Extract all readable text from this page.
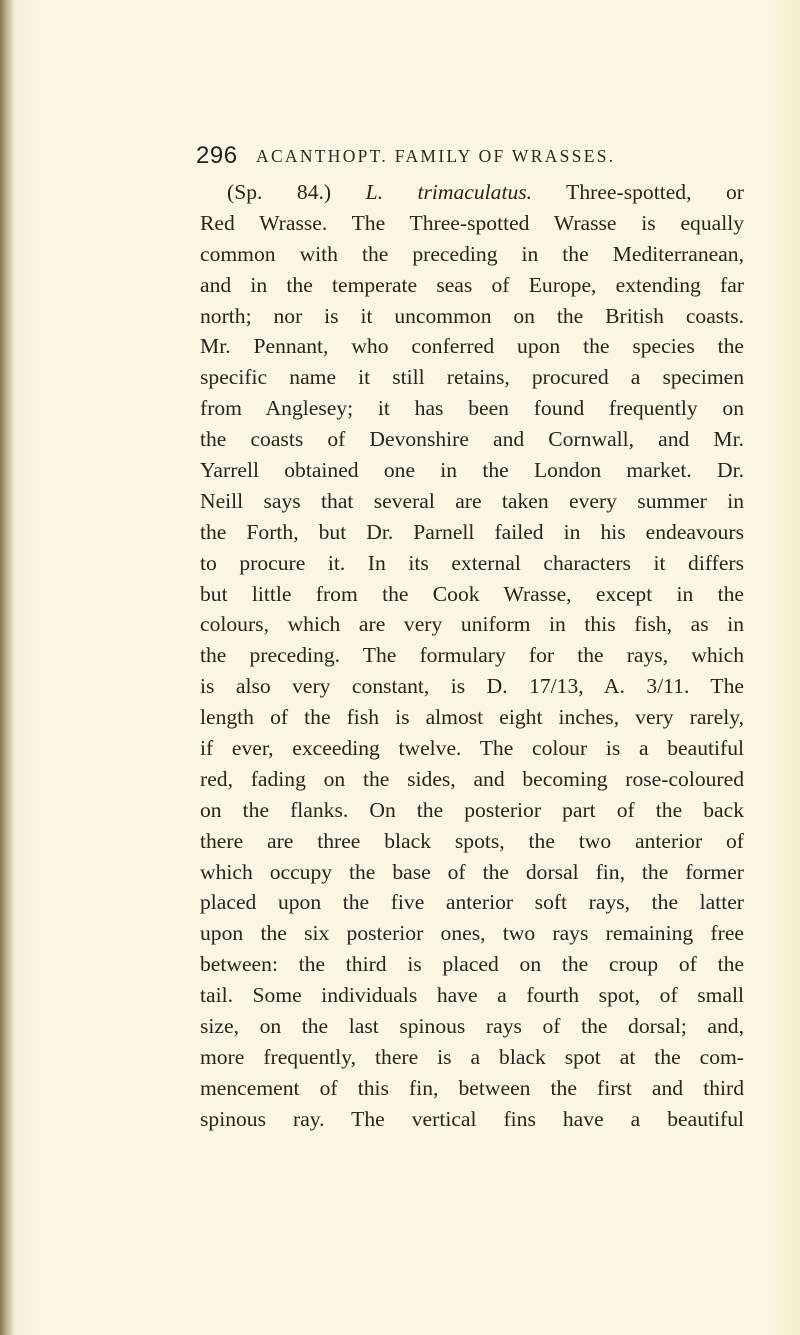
296 ACANTHOPT. FAMILY OF WRASSES.
(Sp. 84.) L. trimaculatus. Three-spotted, or
Red Wrasse. The Three-spotted Wrasse is equally
common with the preceding in the Mediterranean,
and in the temperate seas of Europe, extending far
north; nor is it uncommon on the British coasts.
Mr. Pennant, who conferred upon the species the
specific name it still retains, procured a specimen
from Anglesey; it has been found frequently on
the coasts of Devonshire and Cornwall, and Mr.
Yarrell obtained one in the London market. Dr.
Neill says that several are taken every summer in
the Forth, but Dr. Parnell failed in his endeavours
to procure it. In its external characters it differs
but little from the Cook Wrasse, except in the
colours, which are very uniform in this fish, as in
the preceding. The formulary for the rays, which
is also very constant, is D. 17/13, A. 3/11. The
length of the fish is almost eight inches, very rarely,
if ever, exceeding twelve. The colour is a beautiful
red, fading on the sides, and becoming rose-coloured
on the flanks. On the posterior part of the back
there are three black spots, the two anterior of
which occupy the base of the dorsal fin, the former
placed upon the five anterior soft rays, the latter
upon the six posterior ones, two rays remaining free
between: the third is placed on the croup of the
tail. Some individuals have a fourth spot, of small
size, on the last spinous rays of the dorsal; and,
more frequently, there is a black spot at the com-
mencement of this fin, between the first and third
spinous ray. The vertical fins have a beautiful
